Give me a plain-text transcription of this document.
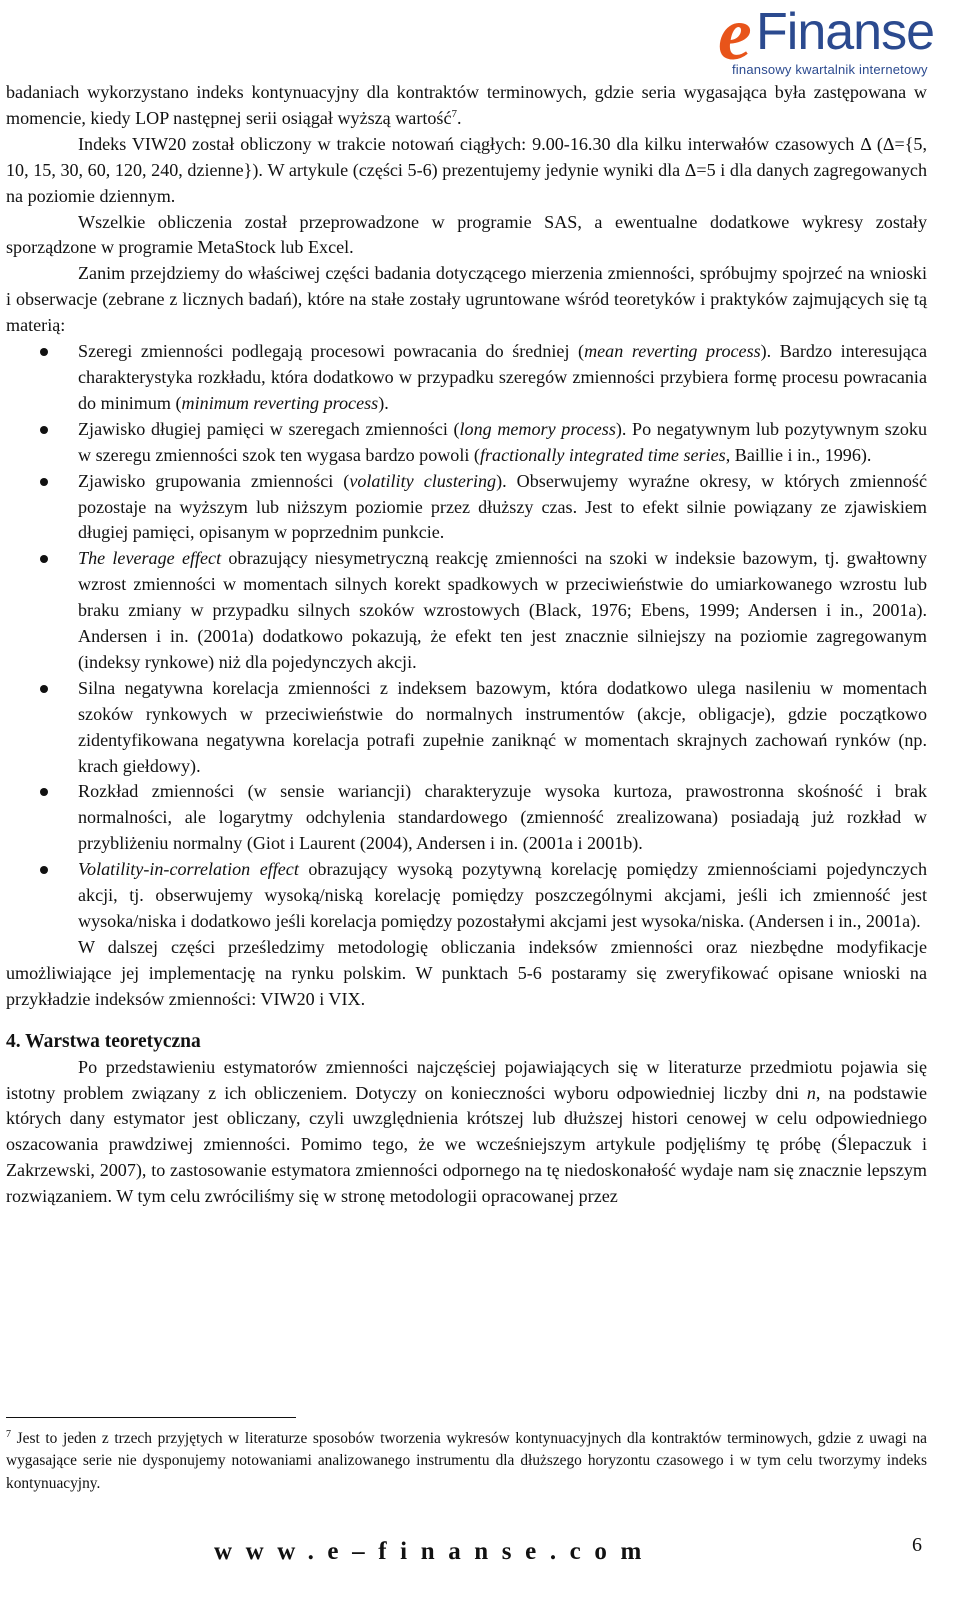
e Finanse
finansowy kwartalnik internetowy

badaniach wykorzystano indeks kontynuacyjny dla kontraktów terminowych, gdzie seria wygasająca była zastępowana w momencie, kiedy LOP następnej serii osiągał wyższą wartość$^7$.

Indeks VIW20 został obliczony w trakcie notowań ciągłych: 9.00-16.30 dla kilku interwałów czasowych Δ (Δ={5, 10, 15, 30, 60, 120, 240, dzienne}). W artykule (części 5-6) prezentujemy jedynie wyniki dla Δ=5 i dla danych zagregowanych na poziomie dziennym.

Wszelkie obliczenia został przeprowadzone w programie SAS, a ewentualne dodatkowe wykresy zostały sporządzone w programie MetaStock lub Excel.

Zanim przejdziemy do właściwej części badania dotyczącego mierzenia zmienności, spróbujmy spojrzeć na wnioski i obserwacje (zebrane z licznych badań), które na stałe zostały ugruntowane wśród teoretyków i praktyków zajmujących się tą materią:

Szeregi zmienności podlegają procesowi powracania do średniej (mean reverting process). Bardzo interesująca charakterystyka rozkładu, która dodatkowo w przypadku szeregów zmienności przybiera formę procesu powracania do minimum (minimum reverting process).
Zjawisko długiej pamięci w szeregach zmienności (long memory process). Po negatywnym lub pozytywnym szoku w szeregu zmienności szok ten wygasa bardzo powoli (fractionally integrated time series, Baillie i in., 1996).
Zjawisko grupowania zmienności (volatility clustering). Obserwujemy wyraźne okresy, w których zmienność pozostaje na wyższym lub niższym poziomie przez dłuższy czas. Jest to efekt silnie powiązany ze zjawiskiem długiej pamięci, opisanym w poprzednim punkcie.
The leverage effect obrazujący niesymetryczną reakcję zmienności na szoki w indeksie bazowym, tj. gwałtowny wzrost zmienności w momentach silnych korekt spadkowych w przeciwieństwie do umiarkowanego wzrostu lub braku zmiany w przypadku silnych szoków wzrostowych (Black, 1976; Ebens, 1999; Andersen i in., 2001a). Andersen i in. (2001a) dodatkowo pokazują, że efekt ten jest znacznie silniejszy na poziomie zagregowanym (indeksy rynkowe) niż dla pojedynczych akcji.
Silna negatywna korelacja zmienności z indeksem bazowym, która dodatkowo ulega nasileniu w momentach szoków rynkowych w przeciwieństwie do normalnych instrumentów (akcje, obligacje), gdzie początkowo zidentyfikowana negatywna korelacja potrafi zupełnie zaniknąć w momentach skrajnych zachowań rynków (np. krach giełdowy).
Rozkład zmienności (w sensie wariancji) charakteryzuje wysoka kurtoza, prawostronna skośność i brak normalności, ale logarytmy odchylenia standardowego (zmienność zrealizowana) posiadają już rozkład w przybliżeniu normalny (Giot i Laurent (2004), Andersen i in. (2001a i 2001b).
Volatility-in-correlation effect obrazujący wysoką pozytywną korelację pomiędzy zmiennościami pojedynczych akcji, tj. obserwujemy wysoką/niską korelację pomiędzy poszczególnymi akcjami, jeśli ich zmienność jest wysoka/niska i dodatkowo jeśli korelacja pomiędzy pozostałymi akcjami jest wysoka/niska. (Andersen i in., 2001a).

W dalszej części prześledzimy metodologię obliczania indeksów zmienności oraz niezbędne modyfikacje umożliwiające jej implementację na rynku polskim. W punktach 5-6 postaramy się zweryfikować opisane wnioski na przykładzie indeksów zmienności: VIW20 i VIX.

4. Warstwa teoretyczna

Po przedstawieniu estymatorów zmienności najczęściej pojawiających się w literaturze przedmiotu pojawia się istotny problem związany z ich obliczeniem. Dotyczy on konieczności wyboru odpowiedniej liczby dni n, na podstawie których dany estymator jest obliczany, czyli uwzględnienia krótszej lub dłuższej histori cenowej w celu odpowiedniego oszacowania prawdziwej zmienności. Pomimo tego, że we wcześniejszym artykule podjęliśmy tę próbę (Ślepaczuk i Zakrzewski, 2007), to zastosowanie estymatora zmienności odpornego na tę niedoskonałość wydaje nam się znacznie lepszym rozwiązaniem. W tym celu zwróciliśmy się w stronę metodologii opracowanej przez

$^7$ Jest to jeden z trzech przyjętych w literaturze sposobów tworzenia wykresów kontynuacyjnych dla kontraktów terminowych, gdzie z uwagi na wygasające serie nie dysponujemy notowaniami analizowanego instrumentu dla dłuższego horyzontu czasowego i w tym celu tworzymy indeks kontynuacyjny.
www.e–finanse.com	6
